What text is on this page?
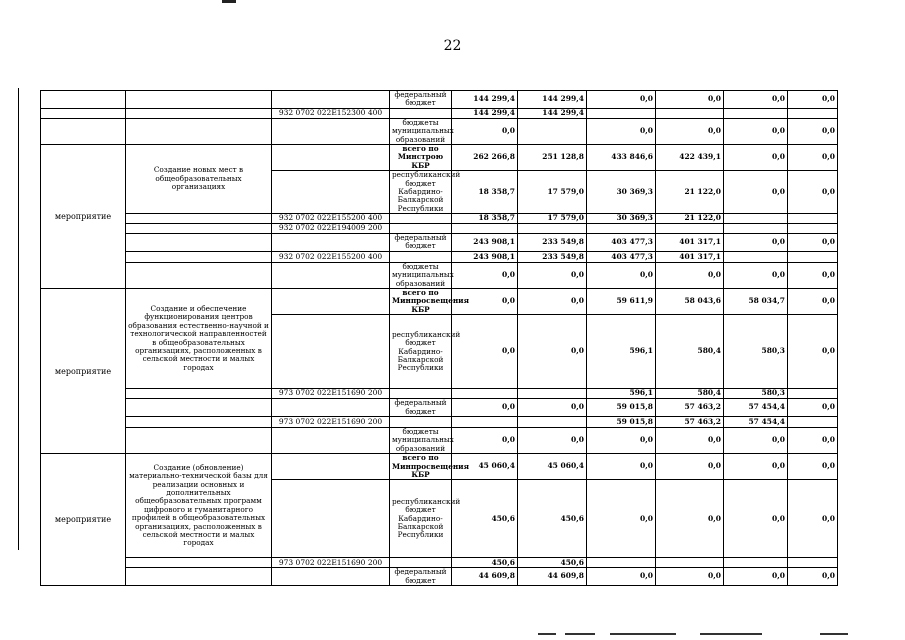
22
			федеральный бюджет	144 299,4	144 299,4	0,0	0,0	0,0	0,0	
		932 0702 022E152300 400		144 299,4	144 299,4					
			бюджеты муниципальных образований	0,0		0,0	0,0	0,0	0,0	
мероприятие	Создание новых мест в общеобразовательных организациях		всего по Минстрою КБР	262 266,8	251 128,8	433 846,6	422 439,1	0,0	0,0	
			республиканский бюджет Кабардино-Балкарской Республики	18 358,7	17 579,0	30 369,3	21 122,0	0,0	0,0	
		932 0702 022E155200 400		18 358,7	17 579,0	30 369,3	21 122,0			
		932 0702 022E194009 200								
			федеральный бюджет	243 908,1	233 549,8	403 477,3	401 317,1	0,0	0,0	
		932 0702 022E155200 400		243 908,1	233 549,8	403 477,3	401 317,1			
			бюджеты муниципальных образований	0,0	0,0	0,0	0,0	0,0	0,0	
мероприятие	Создание и обеспечение функционирования центров образования естественно-научной и технологической направленностей в общеобразовательных организациях, расположенных в сельской местности и малых городах		всего по Минпросвещения КБР	0,0	0,0	59 611,9	58 043,6	58 034,7	0,0	
			республиканский бюджет Кабардино-Балкарской Республики	0,0	0,0	596,1	580,4	580,3	0,0	
		973 0702 022E151690 200				596,1	580,4	580,3		
			федеральный бюджет	0,0	0,0	59 015,8	57 463,2	57 454,4	0,0	
		973 0702 022E151690 200				59 015,8	57 463,2	57 454,4		
			бюджеты муниципальных образований	0,0	0,0	0,0	0,0	0,0	0,0	
мероприятие	Создание (обновление) материально-технической базы для реализации основных и дополнительных общеобразовательных программ цифрового и гуманитарного профилей в общеобразовательных организациях, расположенных в сельской местности и малых городах		всего по Минпросвещения КБР	45 060,4	45 060,4	0,0	0,0	0,0	0,0	
			республиканский бюджет Кабардино-Балкарской Республики	450,6	450,6	0,0	0,0	0,0	0,0	
		973 0702 022E151690 200		450,6	450,6					
			федеральный бюджет	44 609,8	44 609,8	0,0	0,0	0,0	0,0	
